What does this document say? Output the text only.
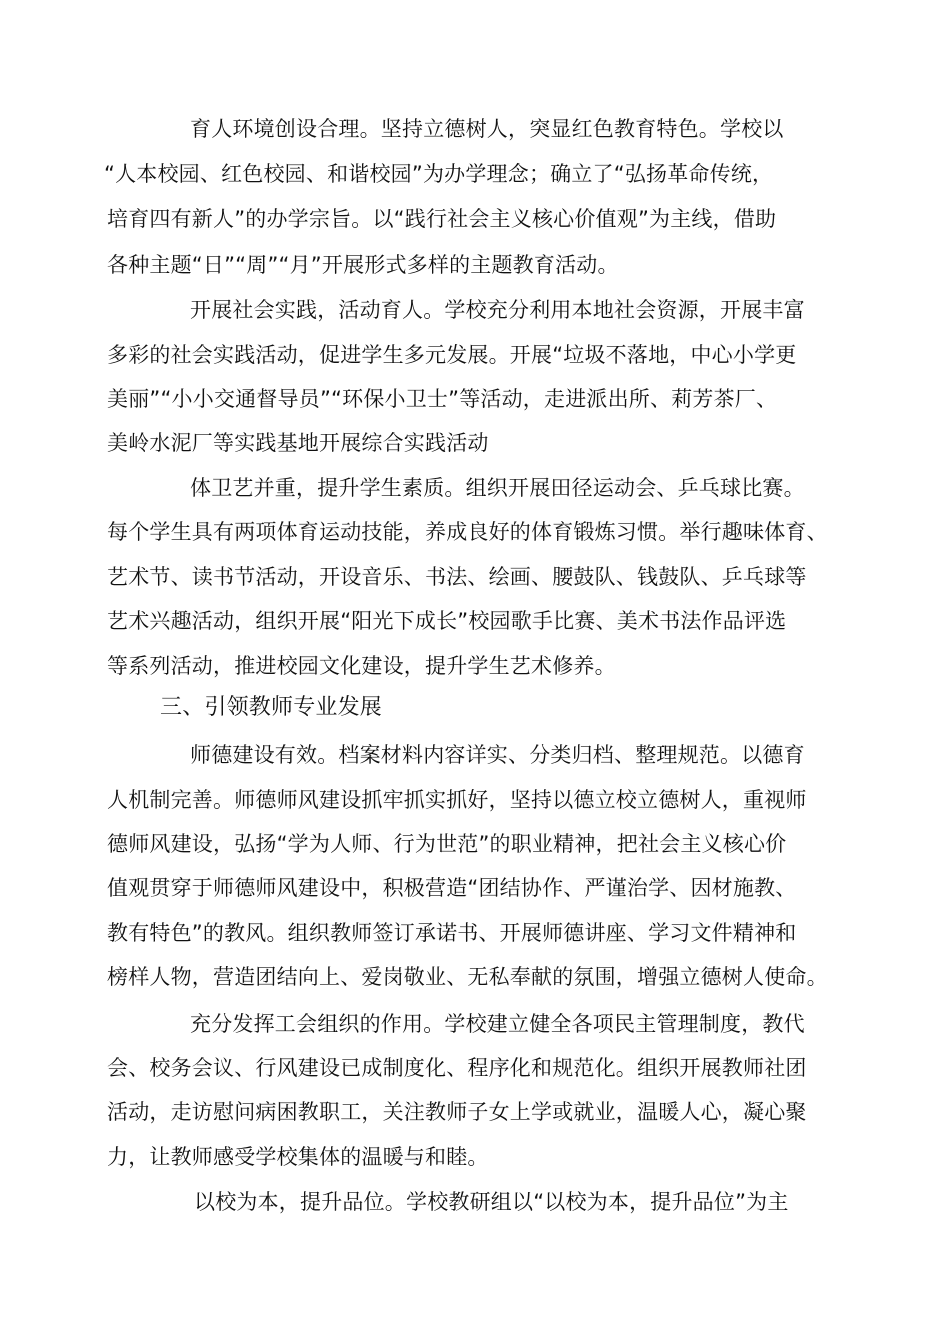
育人环境创设合理。坚持立德树人，突显红色教育特色。学校以
“人本校园、红色校园、和谐校园”为办学理念；确立了“弘扬革命传统，
培育四有新人”的办学宗旨。以“践行社会主义核心价值观”为主线，借助
各种主题“日”“周”“月”开展形式多样的主题教育活动。
开展社会实践，活动育人。学校充分利用本地社会资源，开展丰富
多彩的社会实践活动，促进学生多元发展。开展“垃圾不落地，中心小学更
美丽”“小小交通督导员”“环保小卫士”等活动，走进派出所、莉芳茶厂、
美岭水泥厂等实践基地开展综合实践活动
体卫艺并重，提升学生素质。组织开展田径运动会、乒乓球比赛。
每个学生具有两项体育运动技能，养成良好的体育锻炼习惯。举行趣味体育、
艺术节、读书节活动，开设音乐、书法、绘画、腰鼓队、钱鼓队、乒乓球等
艺术兴趣活动，组织开展“阳光下成长”校园歌手比赛、美术书法作品评选
等系列活动，推进校园文化建设，提升学生艺术修养。
三、引领教师专业发展
师德建设有效。档案材料内容详实、分类归档、整理规范。以德育
人机制完善。师德师风建设抓牢抓实抓好，坚持以德立校立德树人，重视师
德师风建设，弘扬“学为人师、行为世范”的职业精神，把社会主义核心价
值观贯穿于师德师风建设中，积极营造“团结协作、严谨治学、因材施教、
教有特色”的教风。组织教师签订承诺书、开展师德讲座、学习文件精神和
榜样人物，营造团结向上、爱岗敬业、无私奉献的氛围，增强立德树人使命。
充分发挥工会组织的作用。学校建立健全各项民主管理制度，教代
会、校务会议、行风建设已成制度化、程序化和规范化。组织开展教师社团
活动，走访慰问病困教职工，关注教师子女上学或就业，温暖人心，凝心聚
力，让教师感受学校集体的温暖与和睦。
以校为本，提升品位。学校教研组以“以校为本，提升品位”为主
